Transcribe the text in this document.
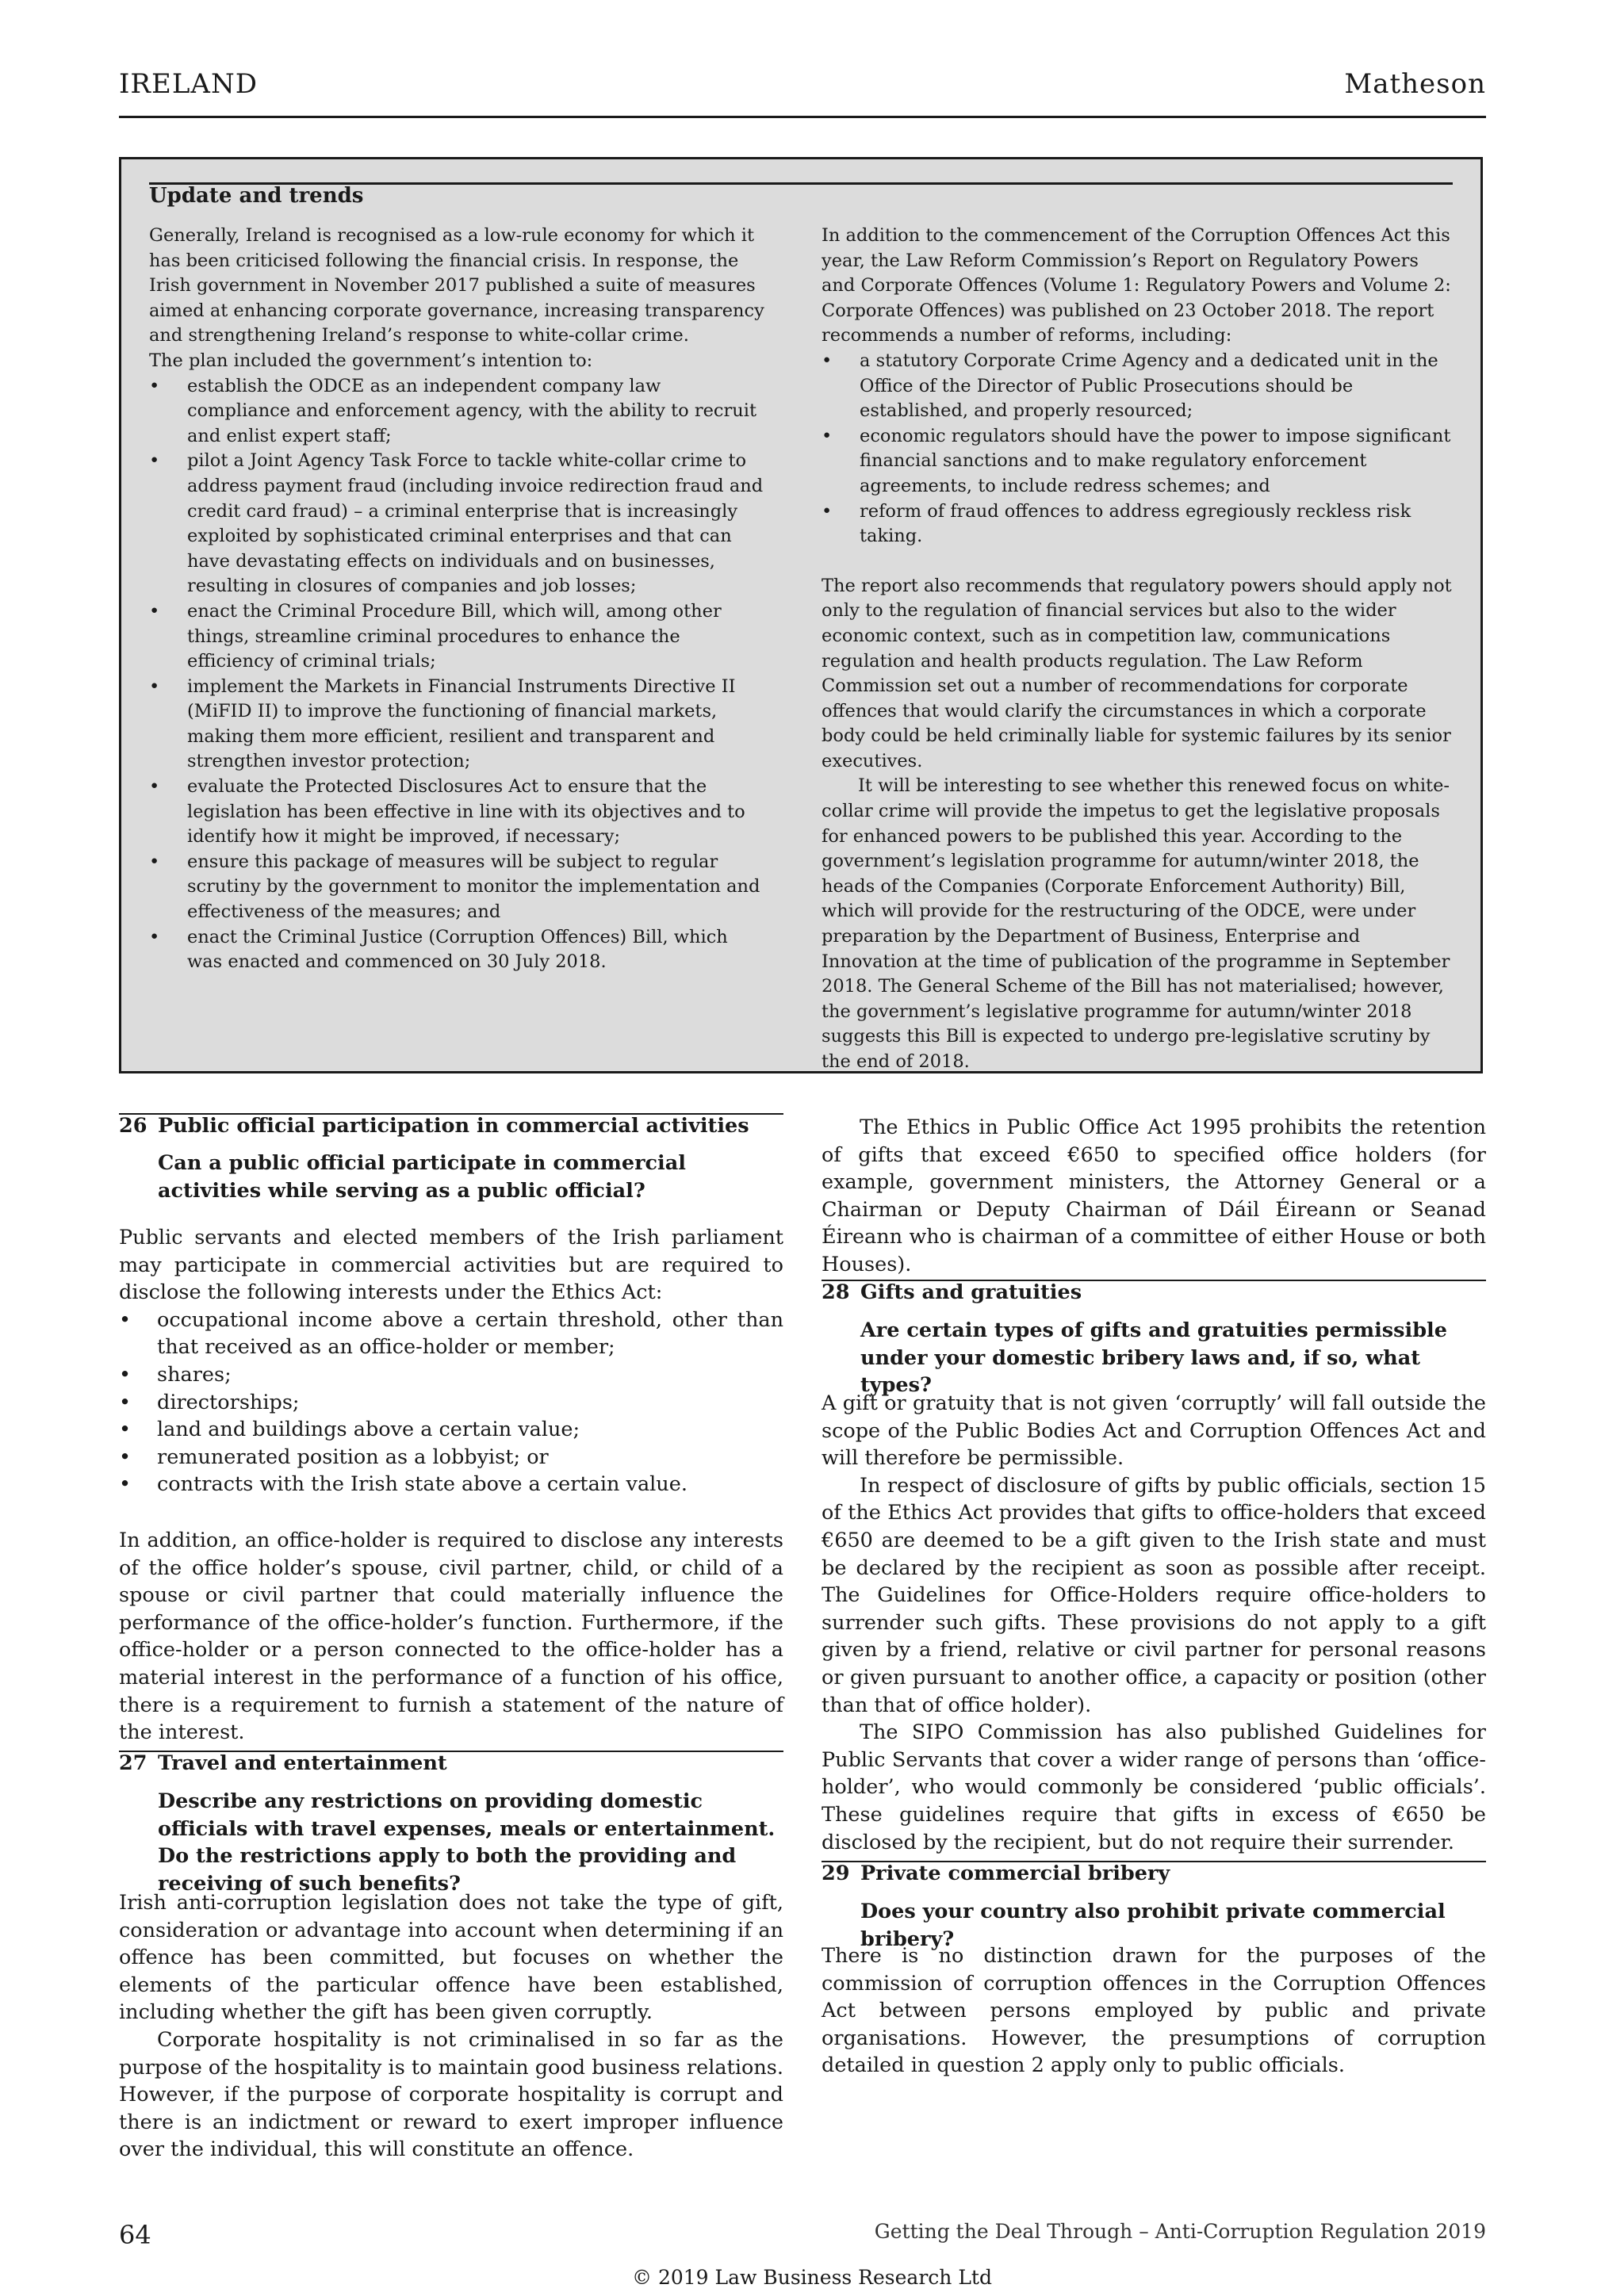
IRELAND	Matheson
Update and trends

Generally, Ireland is recognised as a low-rule economy for which it has been criticised following the financial crisis. In response, the Irish government in November 2017 published a suite of measures aimed at enhancing corporate governance, increasing transparency and strengthening Ireland’s response to white-collar crime.

The plan included the government’s intention to:

• establish the ODCE as an independent company law compliance and enforcement agency, with the ability to recruit and enlist expert staff;
• pilot a Joint Agency Task Force to tackle white-collar crime to address payment fraud (including invoice redirection fraud and credit card fraud) – a criminal enterprise that is increasingly exploited by sophisticated criminal enterprises and that can have devastating effects on individuals and on businesses, resulting in closures of companies and job losses;
• enact the Criminal Procedure Bill, which will, among other things, streamline criminal procedures to enhance the efficiency of criminal trials;
• implement the Markets in Financial Instruments Directive II (MiFID II) to improve the functioning of financial markets, making them more efficient, resilient and transparent and strengthen investor protection;
• evaluate the Protected Disclosures Act to ensure that the legislation has been effective in line with its objectives and to identify how it might be improved, if necessary;
• ensure this package of measures will be subject to regular scrutiny by the government to monitor the implementation and effectiveness of the measures; and
• enact the Criminal Justice (Corruption Offences) Bill, which was enacted and commenced on 30 July 2018.

In addition to the commencement of the Corruption Offences Act this year, the Law Reform Commission’s Report on Regulatory Powers and Corporate Offences (Volume 1: Regulatory Powers and Volume 2: Corporate Offences) was published on 23 October 2018. The report recommends a number of reforms, including:

• a statutory Corporate Crime Agency and a dedicated unit in the Office of the Director of Public Prosecutions should be established, and properly resourced;
• economic regulators should have the power to impose significant financial sanctions and to make regulatory enforcement agreements, to include redress schemes; and
• reform of fraud offences to address egregiously reckless risk taking.

The report also recommends that regulatory powers should apply not only to the regulation of financial services but also to the wider economic context, such as in competition law, communications regulation and health products regulation. The Law Reform Commission set out a number of recommendations for corporate offences that would clarify the circumstances in which a corporate body could be held criminally liable for systemic failures by its senior executives.

It will be interesting to see whether this renewed focus on white-collar crime will provide the impetus to get the legislative proposals for enhanced powers to be published this year. According to the government’s legislation programme for autumn/winter 2018, the heads of the Companies (Corporate Enforcement Authority) Bill, which will provide for the restructuring of the ODCE, were under preparation by the Department of Business, Enterprise and Innovation at the time of publication of the programme in September 2018. The General Scheme of the Bill has not materialised; however, the government’s legislative programme for autumn/winter 2018 suggests this Bill is expected to undergo pre-legislative scrutiny by the end of 2018.

26 Public official participation in commercial activities
Can a public official participate in commercial activities while serving as a public official?

Public servants and elected members of the Irish parliament may participate in commercial activities but are required to disclose the following interests under the Ethics Act:

• occupational income above a certain threshold, other than that received as an office-holder or member;
• shares;
• directorships;
• land and buildings above a certain value;
• remunerated position as a lobbyist; or
• contracts with the Irish state above a certain value.

In addition, an office-holder is required to disclose any interests of the office holder’s spouse, civil partner, child, or child of a spouse or civil partner that could materially influence the performance of the office-holder’s function. Furthermore, if the office-holder or a person connected to the office-holder has a material interest in the performance of a function of his office, there is a requirement to furnish a statement of the nature of the interest.

27 Travel and entertainment
Describe any restrictions on providing domestic officials with travel expenses, meals or entertainment. Do the restrictions apply to both the providing and receiving of such benefits?

Irish anti-corruption legislation does not take the type of gift, consideration or advantage into account when determining if an offence has been committed, but focuses on whether the elements of the particular offence have been established, including whether the gift has been given corruptly.

Corporate hospitality is not criminalised in so far as the purpose of the hospitality is to maintain good business relations. However, if the purpose of corporate hospitality is corrupt and there is an indictment or reward to exert improper influence over the individual, this will constitute an offence.

The Ethics in Public Office Act 1995 prohibits the retention of gifts that exceed €650 to specified office holders (for example, government ministers, the Attorney General or a Chairman or Deputy Chairman of Dáil Éireann or Seanad Éireann who is chairman of a committee of either House or both Houses).

28 Gifts and gratuities
Are certain types of gifts and gratuities permissible under your domestic bribery laws and, if so, what types?

A gift or gratuity that is not given ‘corruptly’ will fall outside the scope of the Public Bodies Act and Corruption Offences Act and will therefore be permissible.

In respect of disclosure of gifts by public officials, section 15 of the Ethics Act provides that gifts to office-holders that exceed €650 are deemed to be a gift given to the Irish state and must be declared by the recipient as soon as possible after receipt. The Guidelines for Office-Holders require office-holders to surrender such gifts. These provisions do not apply to a gift given by a friend, relative or civil partner for personal reasons or given pursuant to another office, a capacity or position (other than that of office holder).

The SIPO Commission has also published Guidelines for Public Servants that cover a wider range of persons than ‘office-holder’, who would commonly be considered ‘public officials’. These guidelines require that gifts in excess of €650 be disclosed by the recipient, but do not require their surrender.

29 Private commercial bribery
Does your country also prohibit private commercial bribery?

There is no distinction drawn for the purposes of the commission of corruption offences in the Corruption Offences Act between persons employed by public and private organisations. However, the presumptions of corruption detailed in question 2 apply only to public officials.

64	Getting the Deal Through – Anti-Corruption Regulation 2019
© 2019 Law Business Research Ltd
